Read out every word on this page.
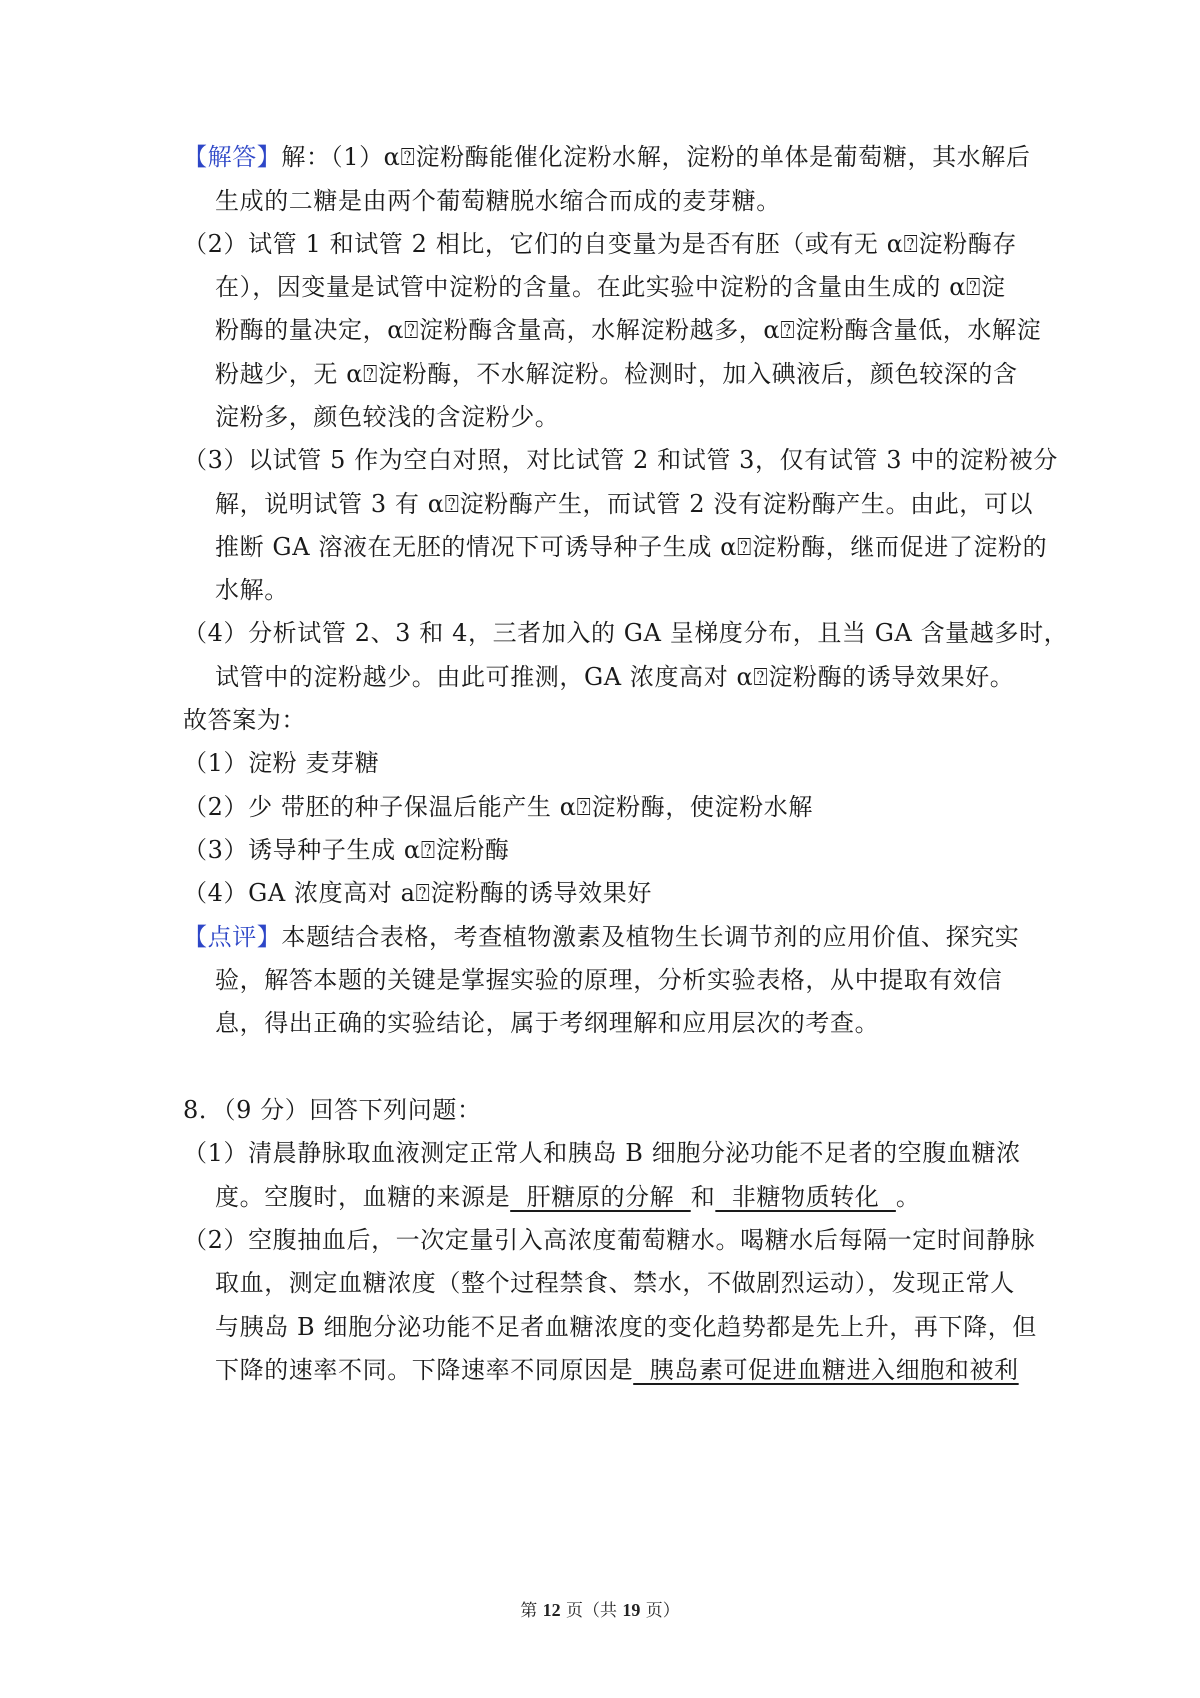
【解答】解：（1）α⍰淀粉酶能催化淀粉水解，淀粉的单体是葡萄糖，其水解后
生成的二糖是由两个葡萄糖脱水缩合而成的麦芽糖。
（2）试管 1 和试管 2 相比，它们的自变量为是否有胚（或有无 α⍰淀粉酶存
在），因变量是试管中淀粉的含量。在此实验中淀粉的含量由生成的 α⍰淀
粉酶的量决定，α⍰淀粉酶含量高，水解淀粉越多，α⍰淀粉酶含量低，水解淀
粉越少，无 α⍰淀粉酶，不水解淀粉。检测时，加入碘液后，颜色较深的含
淀粉多，颜色较浅的含淀粉少。
（3）以试管 5 作为空白对照，对比试管 2 和试管 3，仅有试管 3 中的淀粉被分
解，说明试管 3 有 α⍰淀粉酶产生，而试管 2 没有淀粉酶产生。由此，可以
推断 GA 溶液在无胚的情况下可诱导种子生成 α⍰淀粉酶，继而促进了淀粉的
水解。
（4）分析试管 2、3 和 4，三者加入的 GA 呈梯度分布，且当 GA 含量越多时，
试管中的淀粉越少。由此可推测，GA 浓度高对 α⍰淀粉酶的诱导效果好。
故答案为：
（1）淀粉 麦芽糖
（2）少 带胚的种子保温后能产生 α⍰淀粉酶，使淀粉水解
（3）诱导种子生成 α⍰淀粉酶
（4）GA 浓度高对 a⍰淀粉酶的诱导效果好
【点评】本题结合表格，考查植物激素及植物生长调节剂的应用价值、探究实
验，解答本题的关键是掌握实验的原理，分析实验表格，从中提取有效信
息，得出正确的实验结论，属于考纲理解和应用层次的考查。
8．（9 分）回答下列问题：
（1）清晨静脉取血液测定正常人和胰岛 B 细胞分泌功能不足者的空腹血糖浓
度。空腹时，血糖的来源是  肝糖原的分解  和  非糖物质转化  。
（2）空腹抽血后，一次定量引入高浓度葡萄糖水。喝糖水后每隔一定时间静脉
取血，测定血糖浓度（整个过程禁食、禁水，不做剧烈运动），发现正常人
与胰岛 B 细胞分泌功能不足者血糖浓度的变化趋势都是先上升，再下降，但
下降的速率不同。下降速率不同原因是  胰岛素可促进血糖进入细胞和被利
第 12 页（共 19 页）
